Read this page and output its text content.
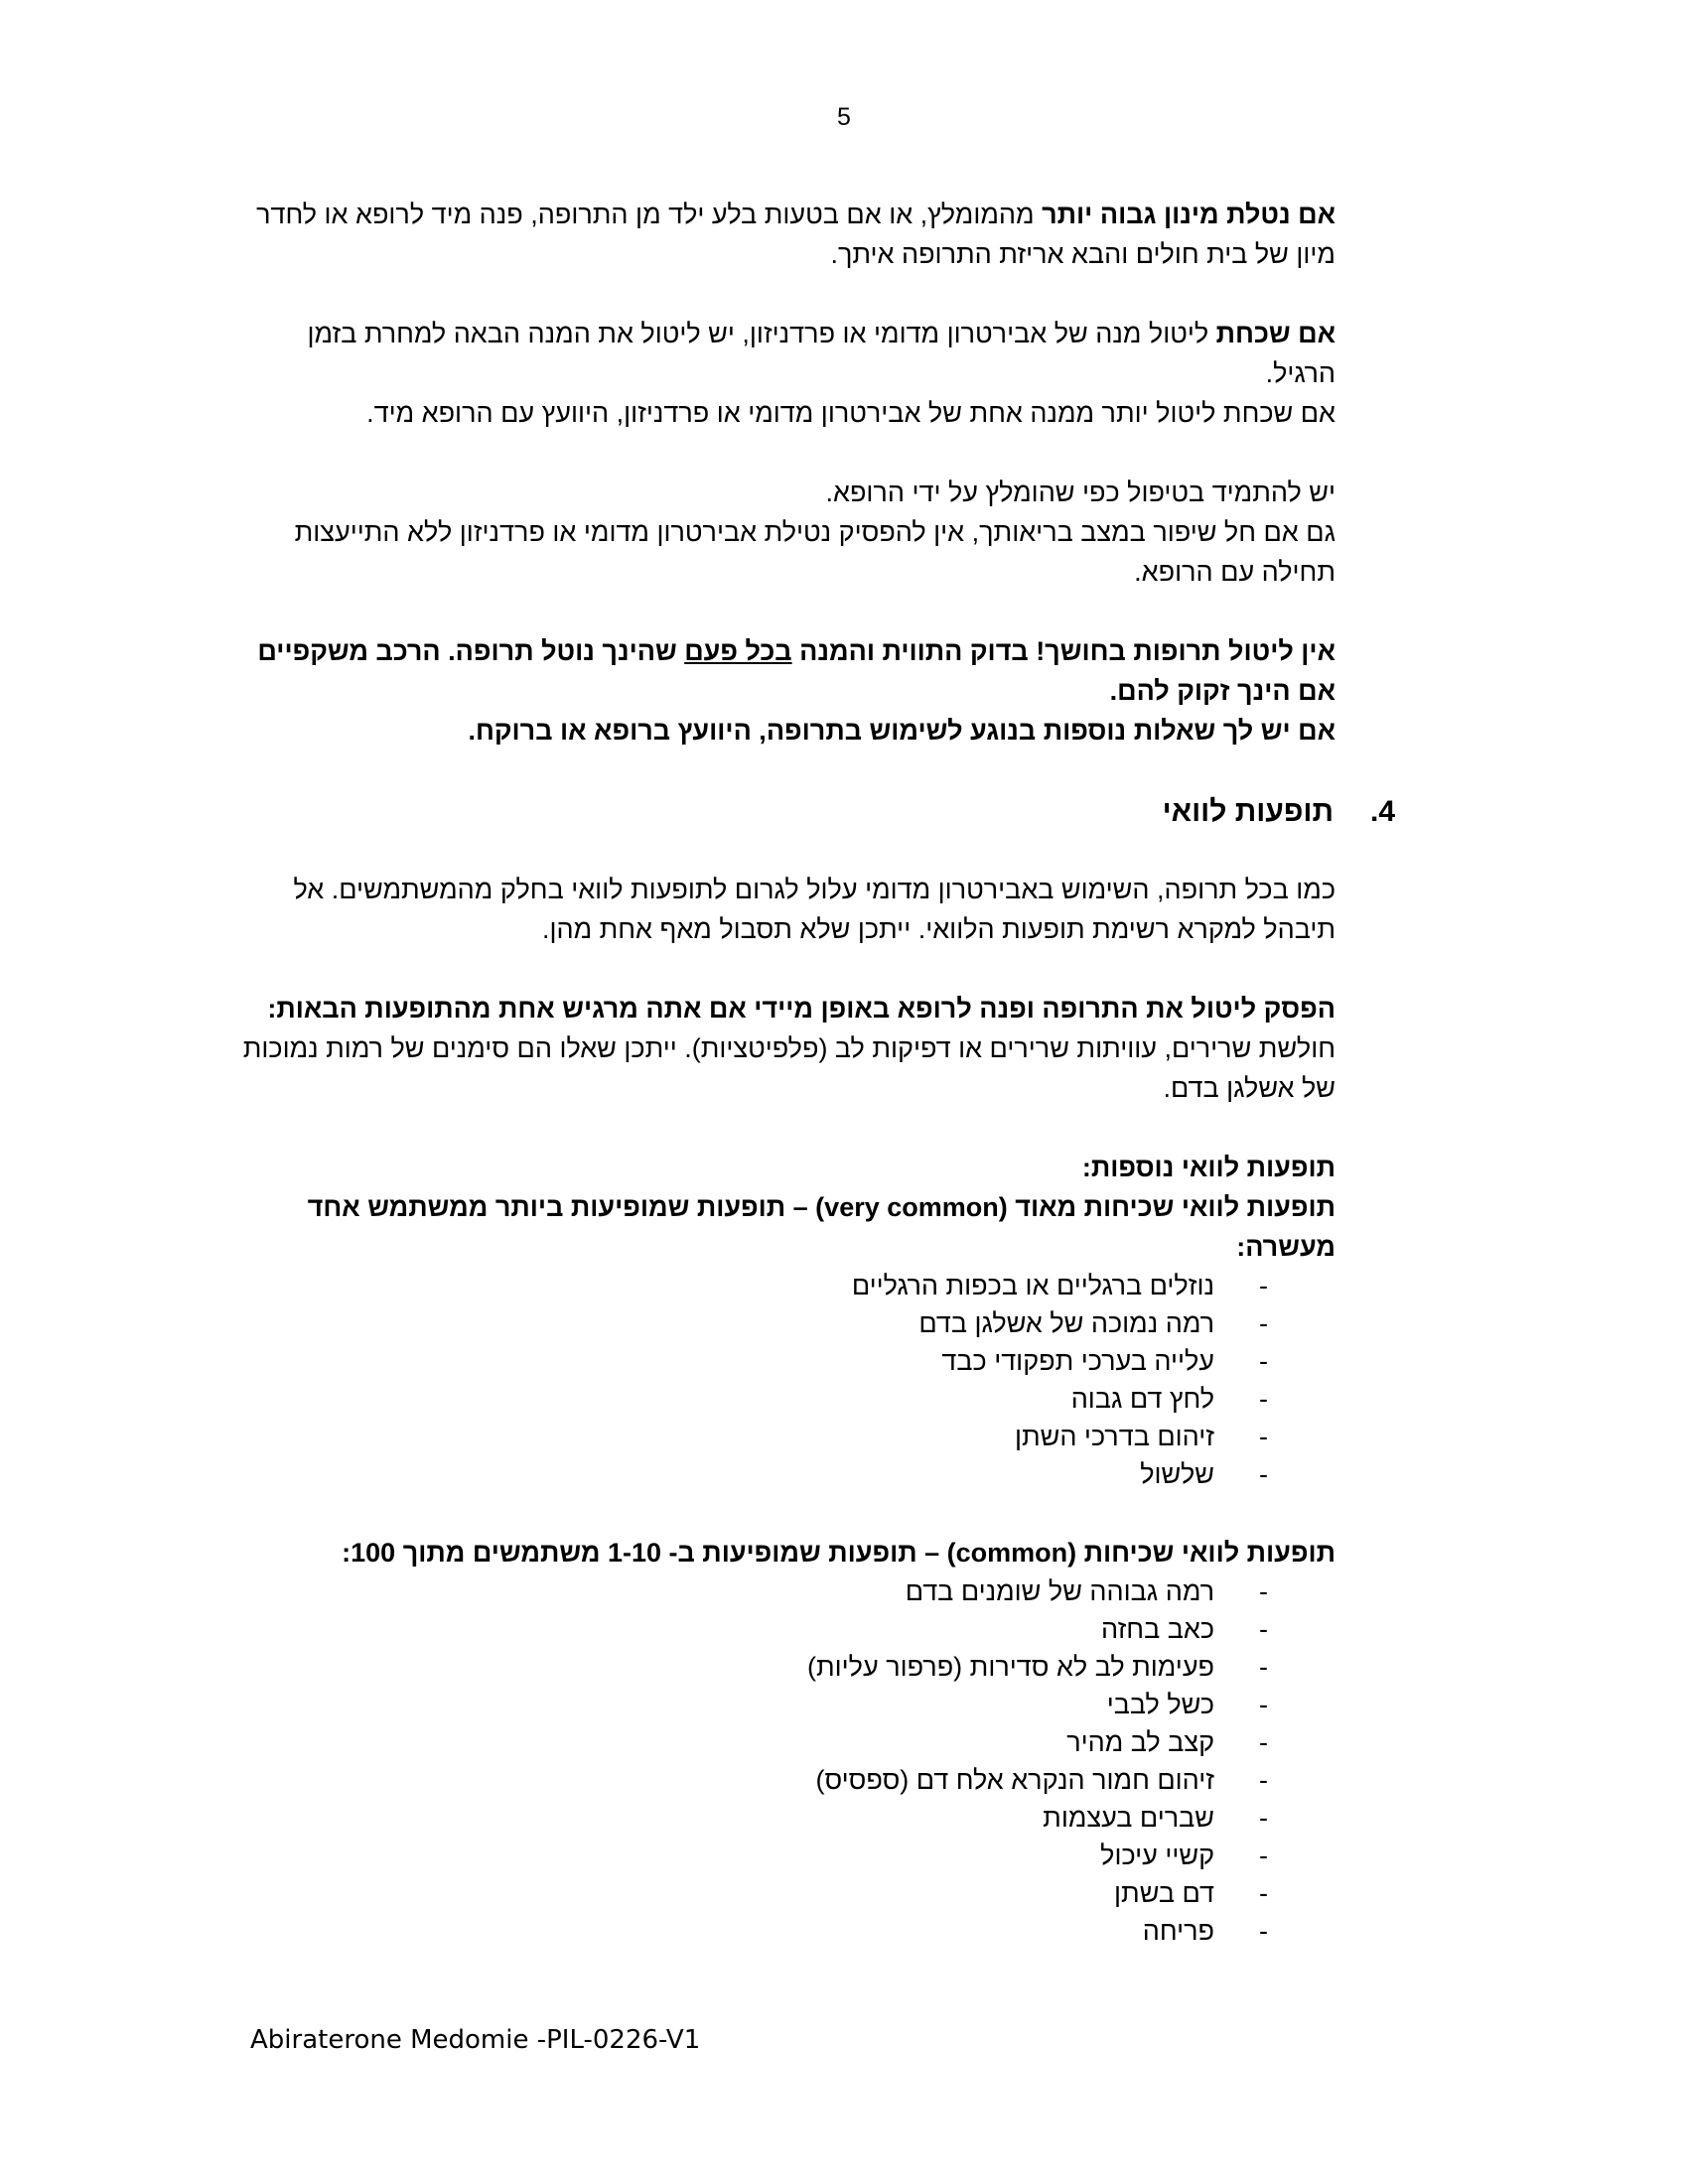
5

אם נטלת מינון גבוה יותר מהמומלץ, או אם בטעות בלע ילד מן התרופה, פנה מיד לרופא או לחדר מיון של בית חולים והבא אריזת התרופה איתך.

אם שכחת ליטול מנה של אבירטרון מדומי או פרדניזון, יש ליטול את המנה הבאה למחרת בזמן הרגיל.

אם שכחת ליטול יותר ממנה אחת של אבירטרון מדומי או פרדניזון, היוועץ עם הרופא מיד.

יש להתמיד בטיפול כפי שהומלץ על ידי הרופא.

גם אם חל שיפור במצב בריאותך, אין להפסיק נטילת אבירטרון מדומי או פרדניזון ללא התייעצות תחילה עם הרופא.

אין ליטול תרופות בחושך! בדוק התווית והמנה בכל פעם שהינך נוטל תרופה. הרכב משקפיים אם הינך זקוק להם.

אם יש לך שאלות נוספות בנוגע לשימוש בתרופה, היוועץ ברופא או ברוקח.

4.
תופעות לוואי

כמו בכל תרופה, השימוש באבירטרון מדומי עלול לגרום לתופעות לוואי בחלק מהמשתמשים. אל תיבהל למקרא רשימת תופעות הלוואי. ייתכן שלא תסבול מאף אחת מהן.

הפסק ליטול את התרופה ופנה לרופא באופן מיידי אם אתה מרגיש אחת מהתופעות הבאות:

חולשת שרירים, עוויתות שרירים או דפיקות לב (פלפיטציות). ייתכן שאלו הם סימנים של רמות נמוכות של אשלגן בדם.

תופעות לוואי נוספות:

תופעות לוואי שכיחות מאוד (very common) – תופעות שמופיעות ביותר ממשתמש אחד מעשרה:

-
נוזלים ברגליים או בכפות הרגליים
-
רמה נמוכה של אשלגן בדם
-
עלייה בערכי תפקודי כבד
-
לחץ דם גבוה
-
זיהום בדרכי השתן
-
שלשול

תופעות לוואי שכיחות (common) – תופעות שמופיעות ב- 1-10 משתמשים מתוך 100:

-
רמה גבוהה של שומנים בדם
-
כאב בחזה
-
פעימות לב לא סדירות (פרפור עליות)
-
כשל לבבי
-
קצב לב מהיר
-
זיהום חמור הנקרא אלח דם (ספסיס)
-
שברים בעצמות
-
קשיי עיכול
-
דם בשתן
-
פריחה
Abiraterone Medomie -PIL-0226-V1
